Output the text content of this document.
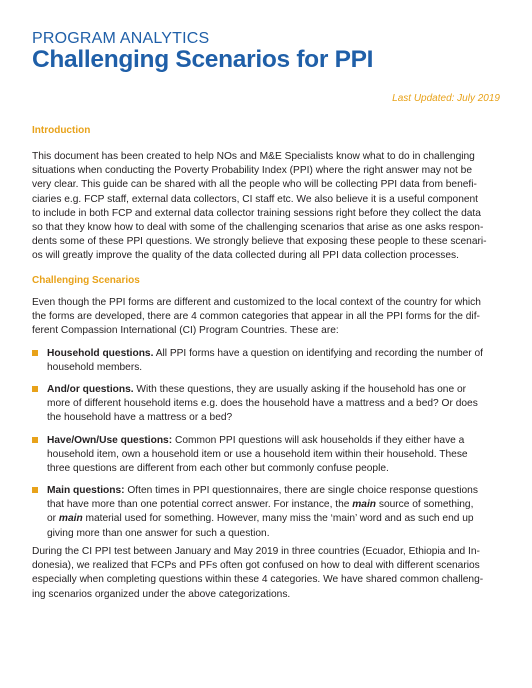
PROGRAM ANALYTICS
Challenging Scenarios for PPI
Last Updated: July 2019
Introduction
This document has been created to help NOs and M&E Specialists know what to do in challenging
situations when conducting the Poverty Probability Index (PPI) where the right answer may not be
very clear. This guide can be shared with all the people who will be collecting PPI data from benefi-
ciaries e.g. FCP staff, external data collectors, CI staff etc. We also believe it is a useful component
to include in both FCP and external data collector training sessions right before they collect the data
so that they know how to deal with some of the challenging scenarios that arise as one asks respon-
dents some of these PPI questions. We strongly believe that exposing these people to these scenari-
os will greatly improve the quality of the data collected during all PPI data collection processes.
Challenging Scenarios
Even though the PPI forms are different and customized to the local context of the country for which
the forms are developed, there are 4 common categories that appear in all the PPI forms for the dif-
ferent Compassion International (CI) Program Countries. These are:
Household questions. All PPI forms have a question on identifying and recording the number of
household members.
And/or questions. With these questions, they are usually asking if the household has one or
more of different household items e.g. does the household have a mattress and a bed? Or does
the household have a mattress or a bed?
Have/Own/Use questions: Common PPI questions will ask households if they either have a
household item, own a household item or use a household item within their household. These
three questions are different from each other but commonly confuse people.
Main questions: Often times in PPI questionnaires, there are single choice response questions
that have more than one potential correct answer. For instance, the main source of something,
or main material used for something. However, many miss the ‘main’ word and as such end up
giving more than one answer for such a question.
During the CI PPI test between January and May 2019 in three countries (Ecuador, Ethiopia and In-
donesia), we realized that FCPs and PFs often got confused on how to deal with different scenarios
especially when completing questions within these 4 categories. We have shared common challeng-
ing scenarios organized under the above categorizations.
